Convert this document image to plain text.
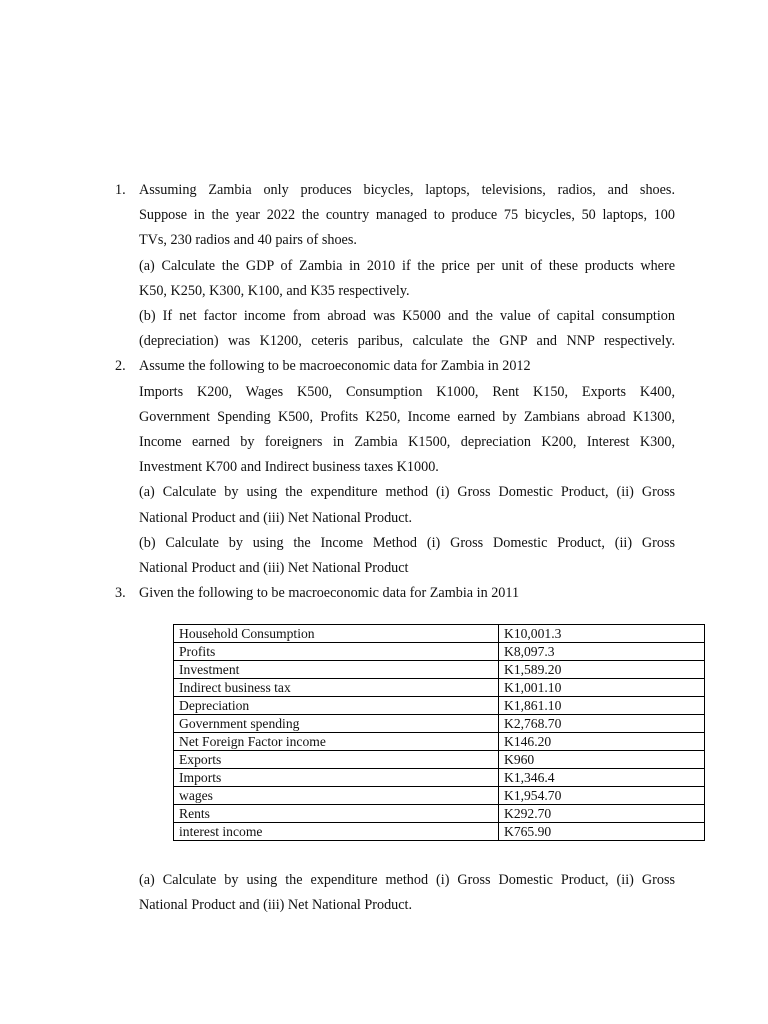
1. Assuming Zambia only produces bicycles, laptops, televisions, radios, and shoes.
Suppose in the year 2022 the country managed to produce 75 bicycles, 50 laptops, 100
TVs, 230 radios and 40 pairs of shoes.
(a) Calculate the GDP of Zambia in 2010 if the price per unit of these products where
K50, K250, K300, K100, and K35 respectively.
(b) If net factor income from abroad was K5000 and the value of capital consumption
(depreciation) was K1200, ceteris paribus, calculate the GNP and NNP respectively.
2. Assume the following to be macroeconomic data for Zambia in 2012
Imports K200, Wages K500, Consumption K1000, Rent K150, Exports K400,
Government Spending K500, Profits K250, Income earned by Zambians abroad K1300,
Income earned by foreigners in Zambia K1500, depreciation K200, Interest K300,
Investment K700 and Indirect business taxes K1000.
(a) Calculate by using the expenditure method (i) Gross Domestic Product, (ii) Gross
National Product and (iii) Net National Product.
(b) Calculate by using the Income Method (i) Gross Domestic Product, (ii) Gross
National Product and (iii) Net National Product
3. Given the following to be macroeconomic data for Zambia in 2011
Household Consumption	K10,001.3
Profits	K8,097.3
Investment	K1,589.20
Indirect business tax	K1,001.10
Depreciation	K1,861.10
Government spending	K2,768.70
Net Foreign Factor income	K146.20
Exports	K960
Imports	K1,346.4
wages	K1,954.70
Rents	K292.70
interest income	K765.90
(a) Calculate by using the expenditure method (i) Gross Domestic Product, (ii) Gross
National Product and (iii) Net National Product.
